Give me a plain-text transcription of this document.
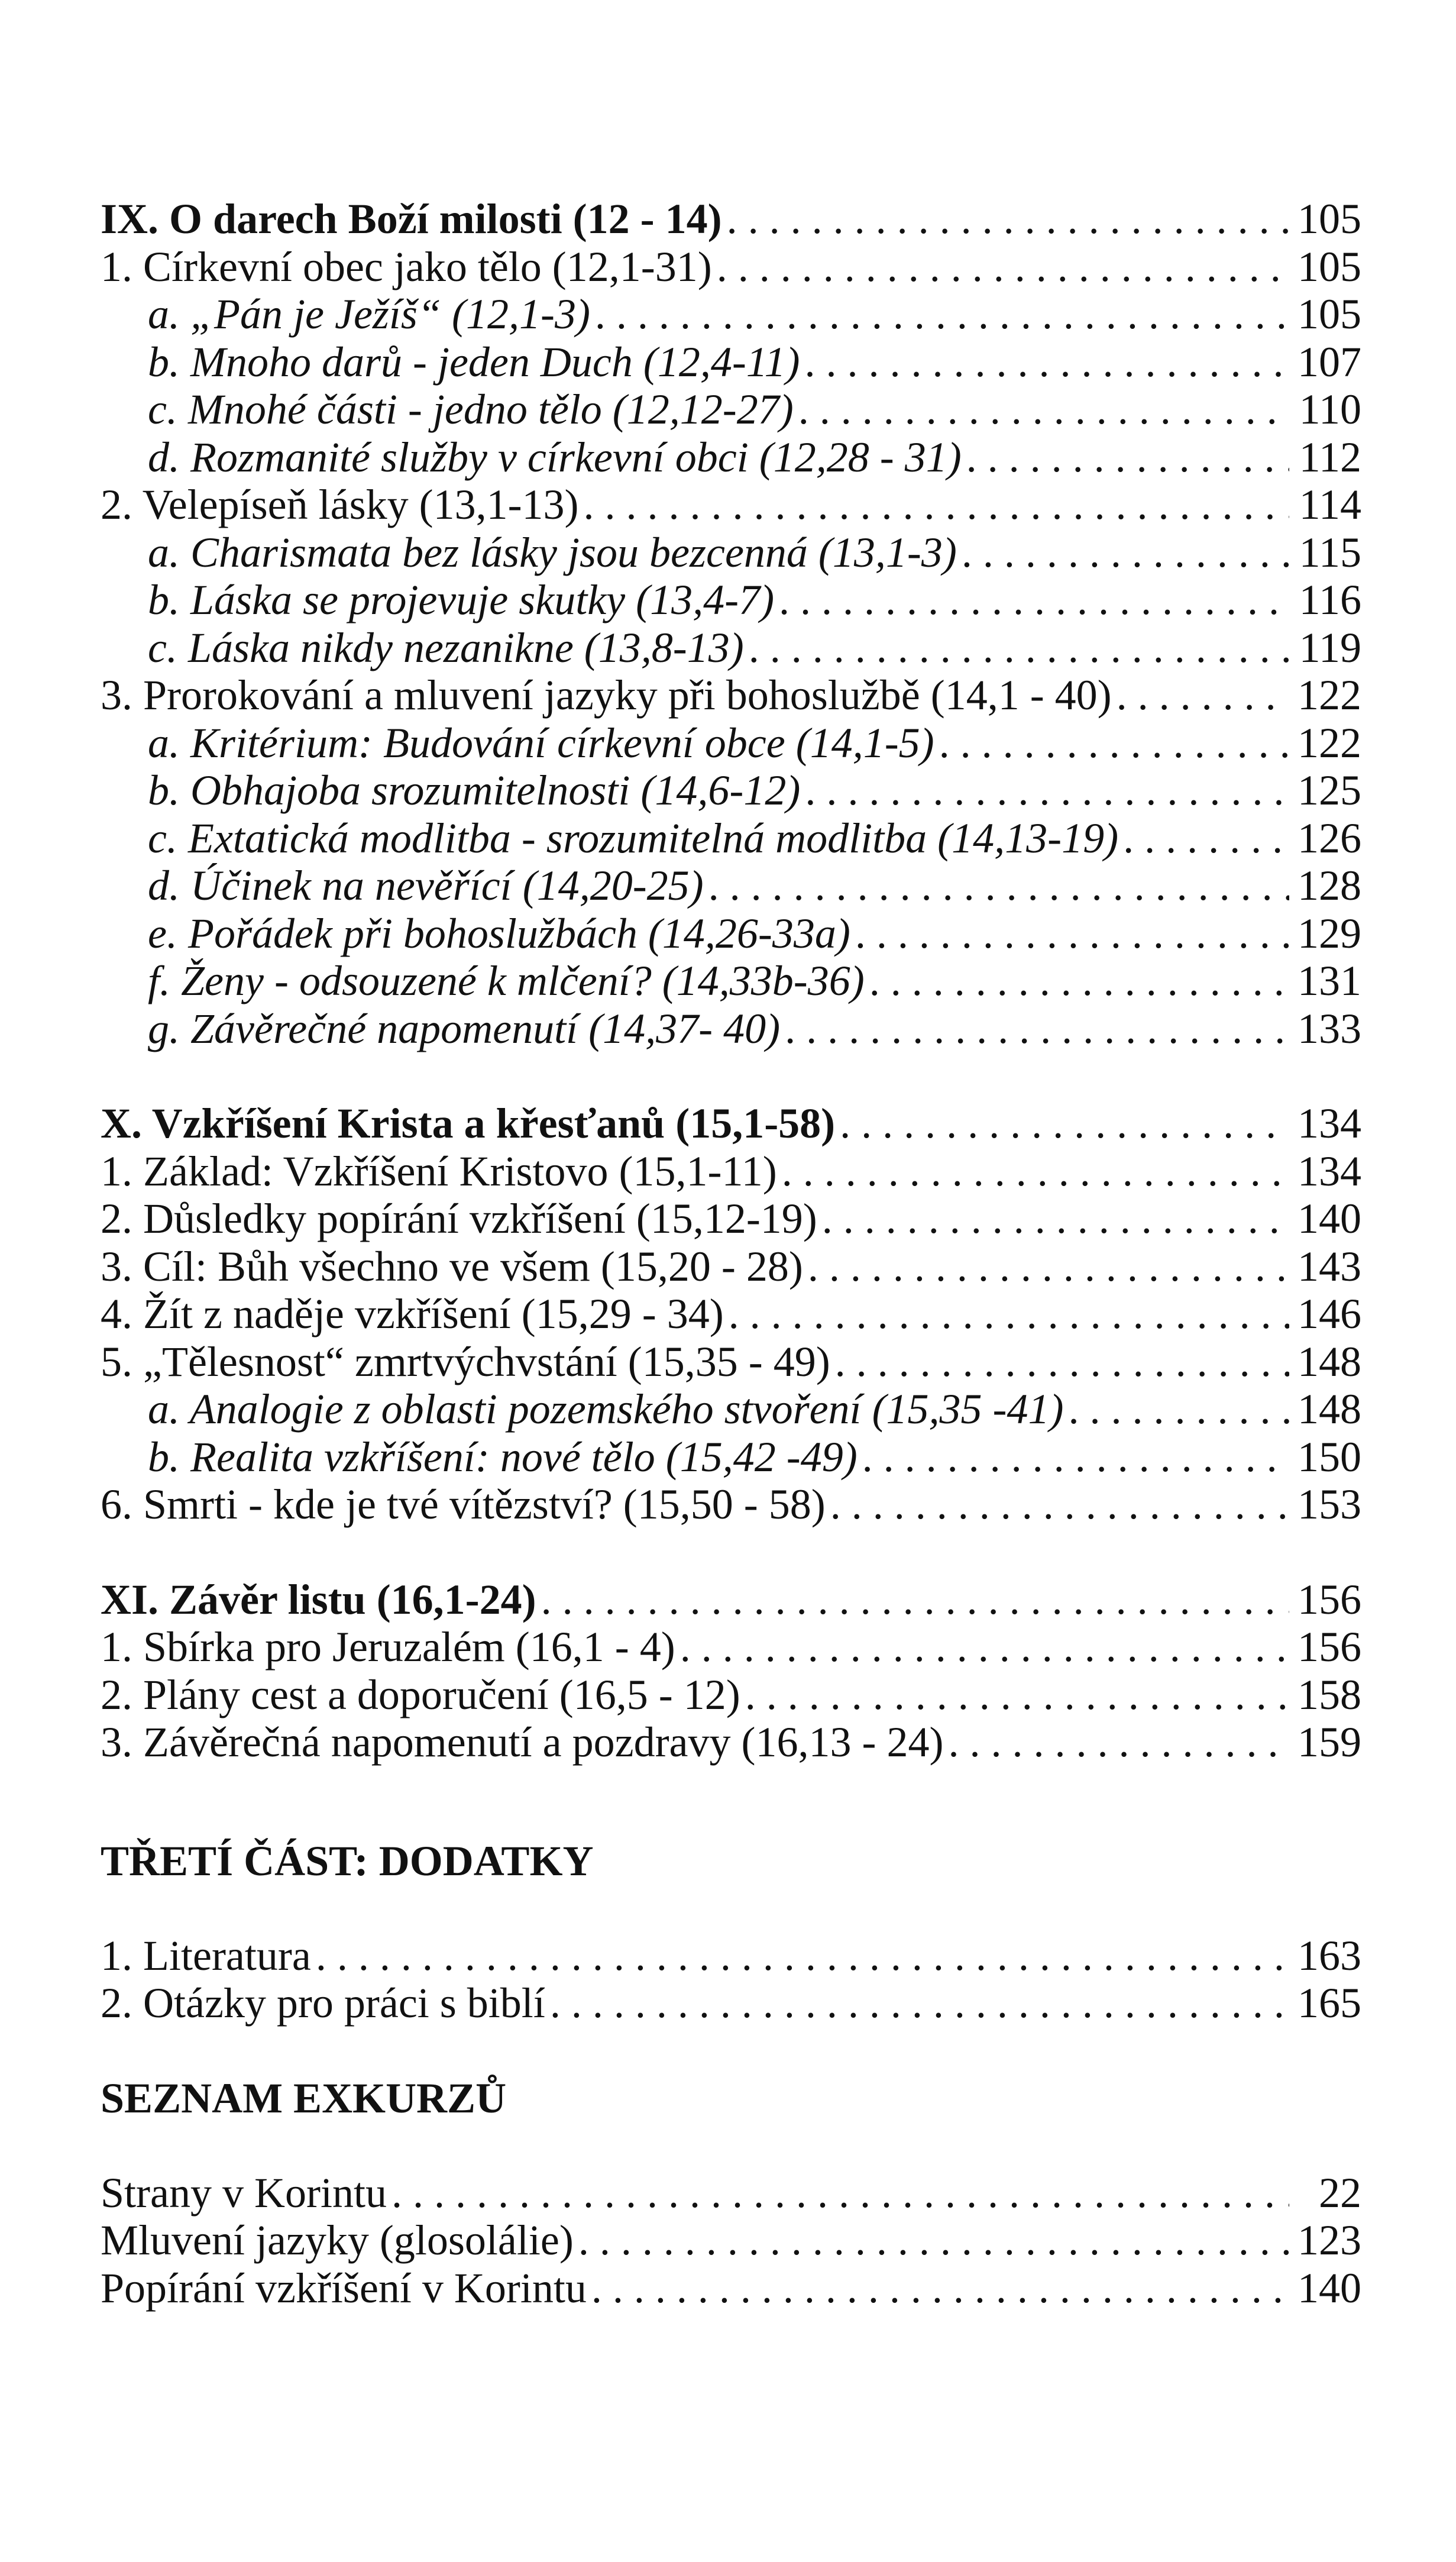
IX. O darech Boží milosti (12 - 14) . . .	105
1. Církevní obec jako tělo (12,1-31) . . .	105
a. „Pán je Ježíš“ (12,1-3) . . .	105
b. Mnoho darů - jeden Duch (12,4-11) . . .	107
c. Mnohé části - jedno tělo (12,12-27) . . .	110
d. Rozmanité služby v církevní obci (12,28 - 31) . . .	112
2. Velepíseň lásky (13,1-13) . . .	114
a. Charismata bez lásky jsou bezcenná (13,1-3) . . .	115
b. Láska se projevuje skutky (13,4-7) . . .	116
c. Láska nikdy nezanikne (13,8-13) . . .	119
3. Prorokování a mluvení jazyky při bohoslužbě (14,1 - 40) . . .	122
a. Kritérium: Budování církevní obce (14,1-5) . . .	122
b. Obhajoba srozumitelnosti (14,6-12) . . .	125
c. Extatická modlitba - srozumitelná modlitba (14,13-19) . . .	126
d. Účinek na nevěřící (14,20-25) . . .	128
e. Pořádek při bohoslužbách (14,26-33a) . . .	129
f. Ženy - odsouzené k mlčení? (14,33b-36) . . .	131
g. Závěrečné napomenutí (14,37- 40) . . .	133
X. Vzkříšení Krista a křesťanů (15,1-58) . . .	134
1. Základ: Vzkříšení Kristovo (15,1-11) . . .	134
2. Důsledky popírání vzkříšení (15,12-19) . . .	140
3. Cíl: Bůh všechno ve všem (15,20 - 28) . . .	143
4. Žít z naděje vzkříšení (15,29 - 34) . . .	146
5. „Tělesnost“ zmrtvýchvstání (15,35 - 49) . . .	148
a. Analogie z oblasti pozemského stvoření (15,35 -41) . . .	148
b. Realita vzkříšení: nové tělo (15,42 -49) . . .	150
6. Smrti - kde je tvé vítězství? (15,50 - 58) . . .	153
XI. Závěr listu (16,1-24) . . .	156
1. Sbírka pro Jeruzalém (16,1 - 4) . . .	156
2. Plány cest a doporučení (16,5 - 12) . . .	158
3. Závěrečná napomenutí a pozdravy (16,13 - 24) . . .	159
TŘETÍ ČÁST: DODATKY
1. Literatura . . .	163
2. Otázky pro práci s biblí . . .	165
SEZNAM EXKURZŮ
Strany v Korintu . . .	22
Mluvení jazyky (glosolálie) . . .	123
Popírání vzkříšení v Korintu . . .	140
